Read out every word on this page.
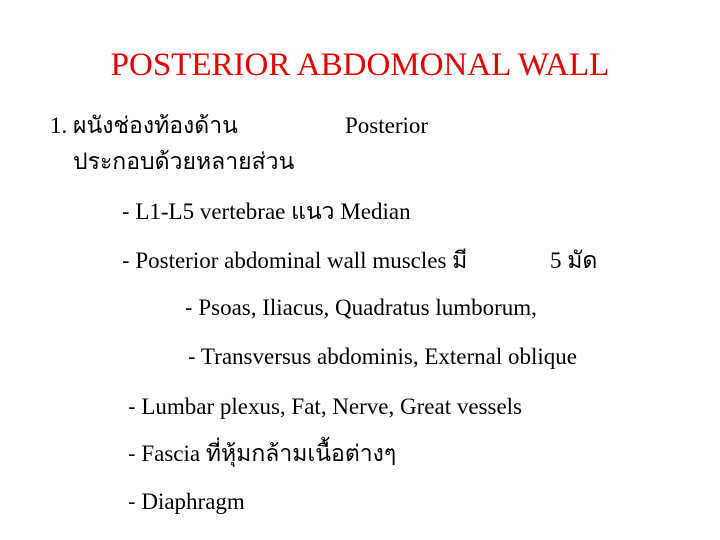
POSTERIOR ABDOMONAL WALL
1. ผนังช่องท้องด้าน	Posterior
ประกอบด้วยหลายส่วน
- L1-L5 vertebrae แนว Median
- Posterior abdominal wall muscles มี	5 มัด
- Psoas, Iliacus, Quadratus lumborum,
- Transversus abdominis, External oblique
- Lumbar plexus, Fat, Nerve, Great vessels
- Fascia ที่หุ้มกล้ามเนื้อต่างๆ
- Diaphragm
